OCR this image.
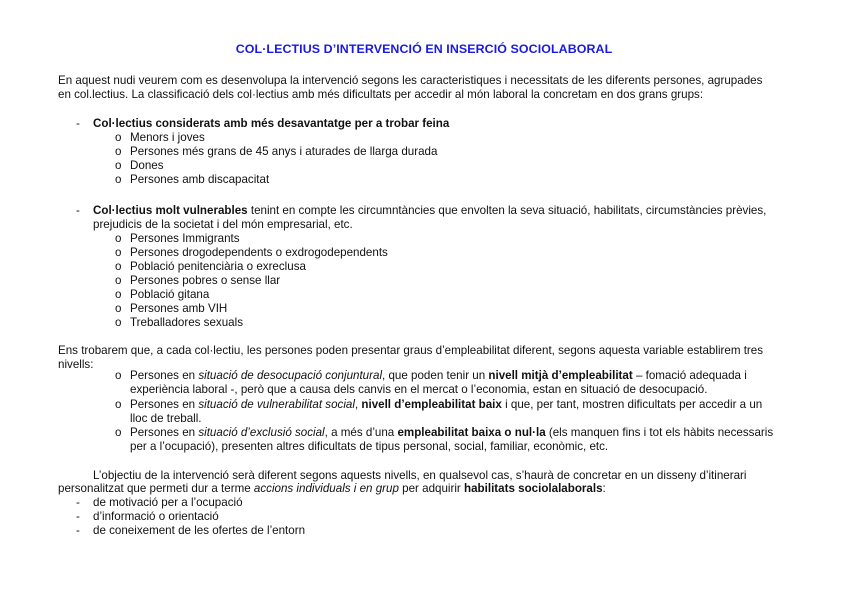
COL·LECTIUS D’INTERVENCIÓ EN INSERCIÓ SOCIOLABORAL
En aquest nudi veurem com es desenvolupa la intervenció segons les caracteristiques i necessitats de les diferents persones, agrupades
en col.lectius. La classificació dels col·lectius amb més dificultats per accedir al món laboral la concretam en dos grans grups:
- Col·lectius considerats amb més desavantatge per a trobar feina
o Menors i joves
o Persones més grans de 45 anys i aturades de llarga durada
o Dones
o Persones amb discapacitat
- Col·lectius molt vulnerables tenint en compte les circumntàncies que envolten la seva situació, habilitats, circumstàncies prèvies,
prejudicis de la societat i del món empresarial, etc.
o Persones Immigrants
o Persones drogodependents o exdrogodependents
o Població penitenciària o exreclusa
o Persones pobres o sense llar
o Població gitana
o Persones amb VIH
o Treballadores sexuals
Ens trobarem que, a cada col·lectiu, les persones poden presentar graus d’empleabilitat diferent, segons aquesta variable establirem tres
nivells:
o Persones en situació de desocupació conjuntural, que poden tenir un nivell mitjà d’empleabilitat – fomació adequada i
experiència laboral -, però que a causa dels canvis en el mercat o l’economia, estan en situació de desocupació.
o Persones en situació de vulnerabilitat social, nivell d’empleabilitat baix i que, per tant, mostren dificultats per accedir a un
lloc de treball.
o Persones en situació d’exclusió social, a més d’una empleabilitat baixa o nul·la (els manquen fins i tot els hàbits necessaris
per a l’ocupació), presenten altres dificultats de tipus personal, social, familiar, econòmic, etc.
L’objectiu de la intervenció serà diferent segons aquests nivells, en qualsevol cas, s’haurà de concretar en un disseny d’itinerari
personalitzat que permeti dur a terme accions individuals i en grup per adquirir habilitats sociolalaborals:
- de motivació per a l’ocupació
- d’informació o orientació
- de coneixement de les ofertes de l’entorn
